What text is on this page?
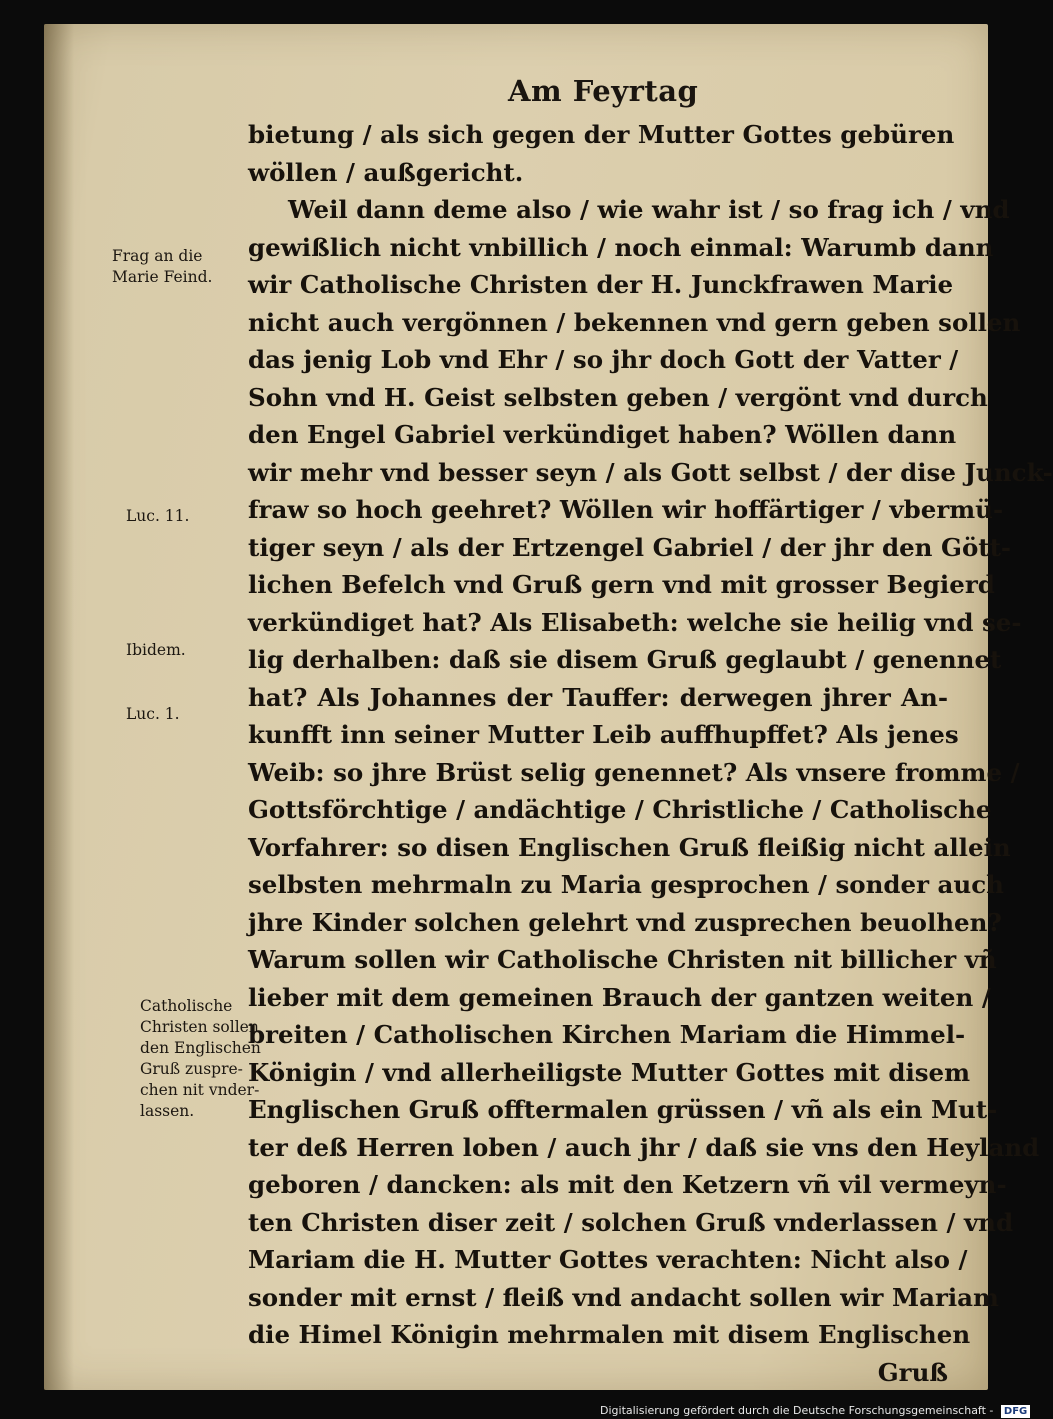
Am Feyrtag
bietung / als sich gegen der Mutter Gottes gebüren
wöllen / außgericht.
Weil dann deme also / wie wahr ist / so frag ich / vnd
gewißlich nicht vnbillich / noch einmal: Warumb dann
wir Catholische Christen der H. Junckfrawen Marie
nicht auch vergönnen / bekennen vnd gern geben sollen
das jenig Lob vnd Ehr / so jhr doch Gott der Vatter /
Sohn vnd H. Geist selbsten geben / vergönt vnd durch
den Engel Gabriel verkündiget haben? Wöllen dann
wir mehr vnd besser seyn / als Gott selbst / der dise Junck-
fraw so hoch geehret? Wöllen wir hoffärtiger / vbermü-
tiger seyn / als der Ertzengel Gabriel / der jhr den Gött-
lichen Befelch vnd Gruß gern vnd mit grosser Begierd
verkündiget hat? Als Elisabeth: welche sie heilig vnd se-
lig derhalben: daß sie disem Gruß geglaubt / genennet
hat? Als Johannes der Tauffer: derwegen jhrer An-
kunfft inn seiner Mutter Leib auffhupffet? Als jenes
Weib: so jhre Brüst selig genennet? Als vnsere fromme /
Gottsförchtige / andächtige / Christliche / Catholische
Vorfahrer: so disen Englischen Gruß fleißig nicht allein
selbsten mehrmaln zu Maria gesprochen / sonder auch
jhre Kinder solchen gelehrt vnd zusprechen beuolhen?
Warum sollen wir Catholische Christen nit billicher vñ
lieber mit dem gemeinen Brauch der gantzen weiten /
breiten / Catholischen Kirchen Mariam die Himmel-
Königin / vnd allerheiligste Mutter Gottes mit disem
Englischen Gruß offtermalen grüssen / vñ als ein Mut-
ter deß Herren loben / auch jhr / daß sie vns den Heyland
geboren / dancken: als mit den Ketzern vñ vil vermeyn-
ten Christen diser zeit / solchen Gruß vnderlassen / vnd
Mariam die H. Mutter Gottes verachten: Nicht also /
sonder mit ernst / fleiß vnd andacht sollen wir Mariam
die Himel Königin mehrmalen mit disem Englischen
Gruß
Frag an die
Marie Feind.
Luc. 11.
Ibidem.
Luc. 1.
Catholische
Christen sollen
den Englischen
Gruß zuspre-
chen nit vnder-
lassen.
Digitalisierung gefördert durch die Deutsche Forschungsgemeinschaft - DFG
